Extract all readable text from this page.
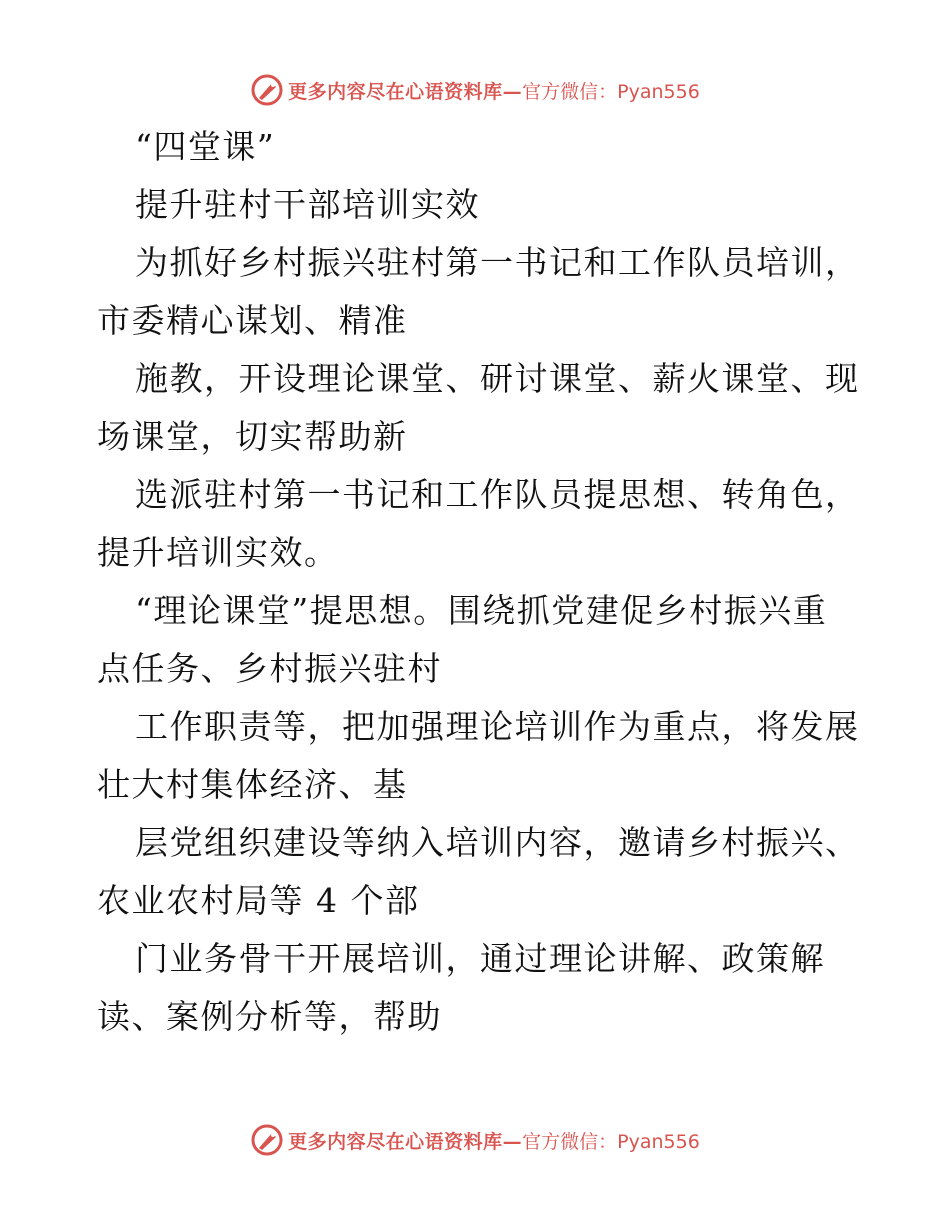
更多内容尽在心语资料库— 官方微信：Pyan556

“四堂课”
提升驻村干部培训实效
为抓好乡村振兴驻村第一书记和工作队员培训，
市委精心谋划、精准
施教，开设理论课堂、研讨课堂、薪火课堂、现
场课堂，切实帮助新
选派驻村第一书记和工作队员提思想、转角色，
提升培训实效。
“理论课堂”提思想。围绕抓党建促乡村振兴重
点任务、乡村振兴驻村
工作职责等，把加强理论培训作为重点，将发展
壮大村集体经济、基
层党组织建设等纳入培训内容，邀请乡村振兴、
农业农村局等 4 个部
门业务骨干开展培训，通过理论讲解、政策解
读、案例分析等，帮助

更多内容尽在心语资料库— 官方微信：Pyan556
